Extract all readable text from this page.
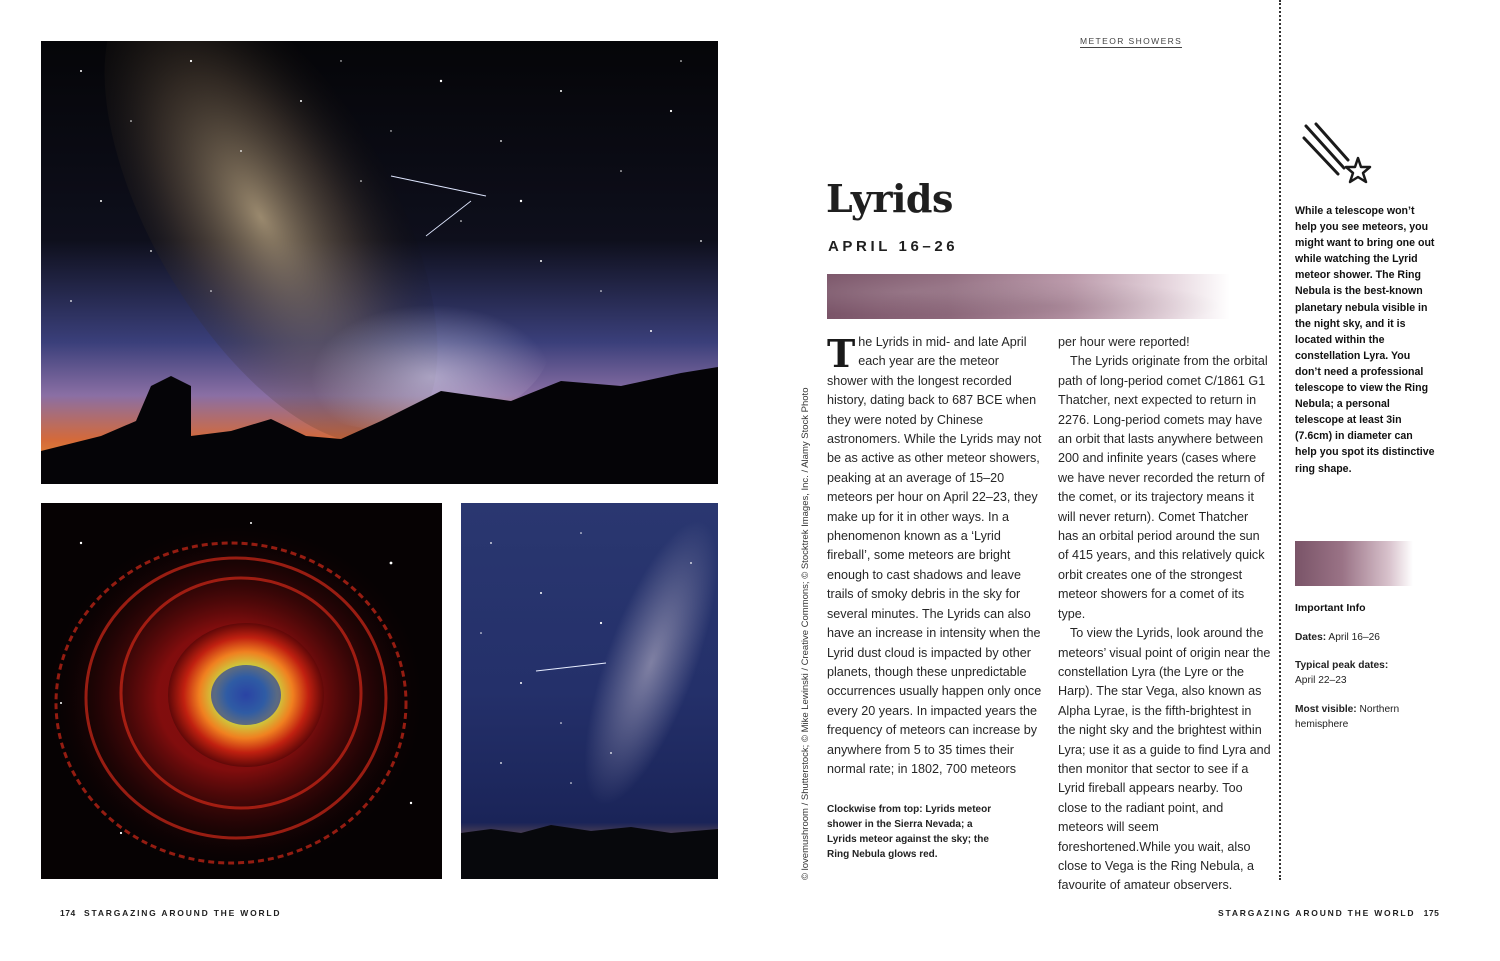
© lovemushroom / Shutterstock; © Mike Lewinski / Creative Commons; © Stocktrek Images, Inc. / Alamy Stock Photo Clockwise from top: Lyrids meteor shower in the Sierra Nevada; a Lyrids meteor against the sky; the Ring Nebula glows red.
METEOR SHOWERS
Lyrids
APRIL 16–26

The Lyrids in mid- and late April each year are the meteor shower with the longest recorded history, dating back to 687 BCE when they were noted by Chinese astronomers. While the Lyrids may not be as active as other meteor showers, peaking at an average of 15–20 meteors per hour on April 22–23, they make up for it in other ways. In a phenomenon known as a ‘Lyrid fireball’, some meteors are bright enough to cast shadows and leave trails of smoky debris in the sky for several minutes. The Lyrids can also have an increase in intensity when the Lyrid dust cloud is impacted by other planets, though these unpredictable occurrences usually happen only once every 20 years. In impacted years the frequency of meteors can increase by anywhere from 5 to 35 times their normal rate; in 1802, 700 meteors

per hour were reported!

The Lyrids originate from the orbital path of long-period comet C/1861 G1 Thatcher, next expected to return in 2276. Long-period comets may have an orbit that lasts anywhere between 200 and infinite years (cases where we have never recorded the return of the comet, or its trajectory means it will never return). Comet Thatcher has an orbital period around the sun of 415 years, and this relatively quick orbit creates one of the strongest meteor showers for a comet of its type.

To view the Lyrids, look around the meteors’ visual point of origin near the constellation Lyra (the Lyre or the Harp). The star Vega, also known as Alpha Lyrae, is the fifth-brightest in the night sky and the brightest within Lyra; use it as a guide to find Lyra and then monitor that sector to see if a Lyrid fireball appears nearby. Too close to the radiant point, and meteors will seem foreshortened.While you wait, also close to Vega is the Ring Nebula, a favourite of amateur observers.

While a telescope won’t help you see meteors, you might want to bring one out while watching the Lyrid meteor shower. The Ring Nebula is the best-known planetary nebula visible in the night sky, and it is located within the constellation Lyra. You don’t need a professional telescope to view the Ring Nebula; a personal telescope at least 3in (7.6cm) in diameter can help you spot its distinctive ring shape.
Important Info
Dates: April 16–26
Typical peak dates:
April 22–23
Most visible: Northern hemisphere
174 STARGAZING AROUND THE WORLD	STARGAZING AROUND THE WORLD 175
